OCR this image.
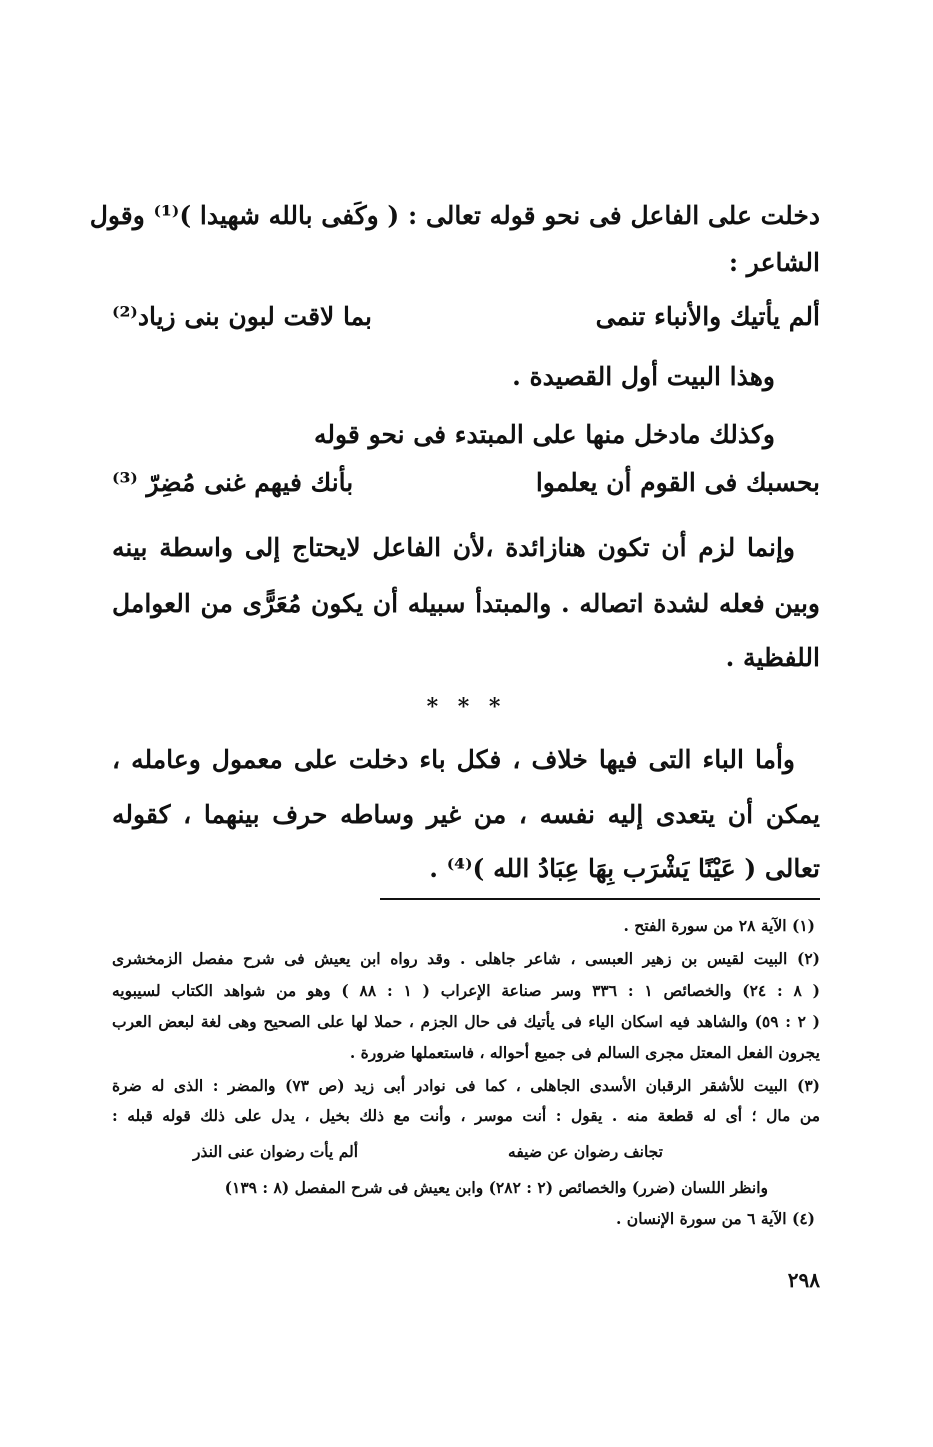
دخلت على الفاعل فى نحو قوله تعالى : ( وكَفى بالله شهيدا )⁽¹⁾ وقول
الشاعر :
ألم يأتيك والأنباء تنمى
بما لاقت لبون بنى زياد⁽²⁾
وهذا البيت أول القصيدة .
وكذلك مادخل منها على المبتدء فى نحو قوله
بحسبك فى القوم أن يعلموا
بأنك فيهم غنى مُضِرّ ⁽³⁾
وإنما لزم أن تكون هنازائدة ،لأن الفاعل لايحتاج إلى واسطة بينه
وبين فعله لشدة اتصاله . والمبتدأ سبيله أن يكون مُعَرًّى من العوامل
اللفظية .
* * *
وأما الباء التى فيها خلاف ، فكل باء دخلت على معمول وعامله ،
يمكن أن يتعدى إليه نفسه ، من غير وساطه حرف بينهما ، كقوله
تعالى ( عَيْنًا يَشْرَب بِهَا عِبَادُ الله )⁽⁴⁾ .
(١) الآية ٢٨ من سورة الفتح .
(٢) البيت لقيس بن زهير العبسى ، شاعر جاهلى . وقد رواه ابن يعيش فى شرح مفصل الزمخشرى
( ٨ : ٢٤) والخصائص ١ : ٣٣٦ وسر صناعة الإعراب ( ١ : ٨٨ ) وهو من شواهد الكتاب لسيبويه
( ٢ : ٥٩) والشاهد فيه اسكان الياء فى يأتيك فى حال الجزم ، حملا لها على الصحيح وهى لغة لبعض العرب
يجرون الفعل المعتل مجرى السالم فى جميع أحواله ، فاستعملها ضرورة .
(٣) البيت للأشقر الرقبان الأسدى الجاهلى ، كما فى نوادر أبى زيد (ص ٧٣) والمضر : الذى له ضرة
من مال ؛ أى له قطعة منه . يقول : أنت موسر ، وأنت مع ذلك بخيل ، يدل على ذلك قوله قبله :
تجانف رضوان عن ضيفه
ألم يأت رضوان عنى النذر
وانظر اللسان (ضرر) والخصائص (٢ : ٢٨٢) وابن يعيش فى شرح المفصل (٨ : ١٣٩)
(٤) الآية ٦ من سورة الإنسان .
٢٩٨
